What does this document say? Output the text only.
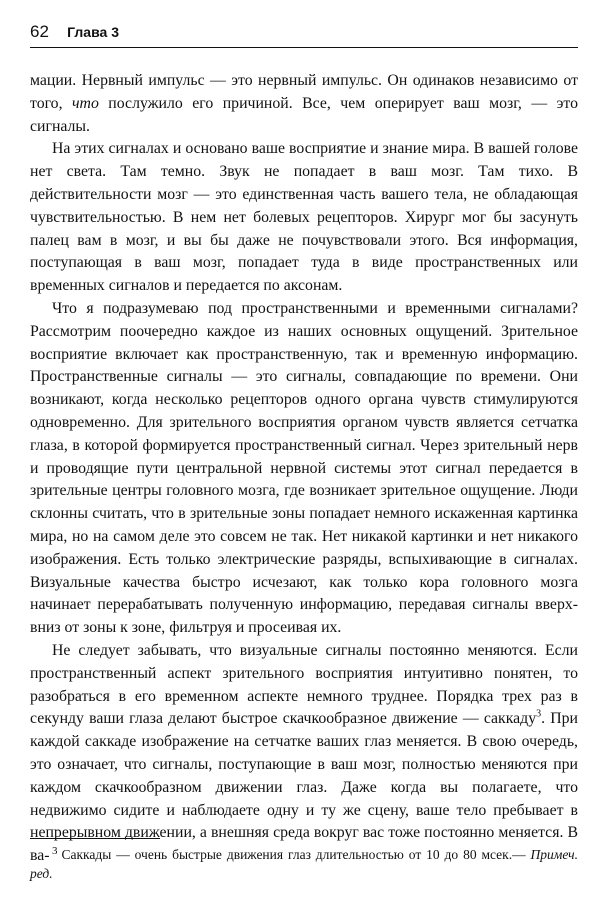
62 Глава 3

мации. Нервный импульс — это нервный импульс. Он одинаков независимо от того, что послужило его причиной. Все, чем оперирует ваш мозг, — это сигналы.

На этих сигналах и основано ваше восприятие и знание мира. В вашей голове нет света. Там темно. Звук не попадает в ваш мозг. Там тихо. В действительности мозг — это единственная часть вашего тела, не обладающая чувствительностью. В нем нет болевых рецепторов. Хирург мог бы засунуть палец вам в мозг, и вы бы даже не почувствовали этого. Вся информация, поступающая в ваш мозг, попадает туда в виде пространственных или временных сигналов и передается по аксонам.

Что я подразумеваю под пространственными и временными сигналами? Рассмотрим поочередно каждое из наших основных ощущений. Зрительное восприятие включает как пространственную, так и временную информацию. Пространственные сигналы — это сигналы, совпадающие по времени. Они возникают, когда несколько рецепторов одного органа чувств стимулируются одновременно. Для зрительного восприятия органом чувств является сетчатка глаза, в которой формируется пространственный сигнал. Через зрительный нерв и проводящие пути центральной нервной системы этот сигнал передается в зрительные центры головного мозга, где возникает зрительное ощущение. Люди склонны считать, что в зрительные зоны попадает немного искаженная картинка мира, но на самом деле это совсем не так. Нет никакой картинки и нет никакого изображения. Есть только электрические разряды, вспыхивающие в сигналах. Визуальные качества быстро исчезают, как только кора головного мозга начинает перерабатывать полученную информацию, передавая сигналы вверх-вниз от зоны к зоне, фильтруя и просеивая их.

Не следует забывать, что визуальные сигналы постоянно меняются. Если пространственный аспект зрительного восприятия интуитивно понятен, то разобраться в его временном аспекте немного труднее. Порядка трех раз в секунду ваши глаза делают быстрое скачкообразное движение — саккаду$^3$. При каждой саккаде изображение на сетчатке ваших глаз меняется. В свою очередь, это означает, что сигналы, поступающие в ваш мозг, полностью меняются при каждом скачкообразном движении глаз. Даже когда вы полагаете, что недвижимо сидите и наблюдаете одну и ту же сцену, ваше тело пребывает в непрерывном движении, а внешняя среда вокруг вас тоже постоянно меняется. В ва- $^3$ Саккады — очень быстрые движения глаз длительностью от 10 до 80 мсек.— Примеч. ред.
